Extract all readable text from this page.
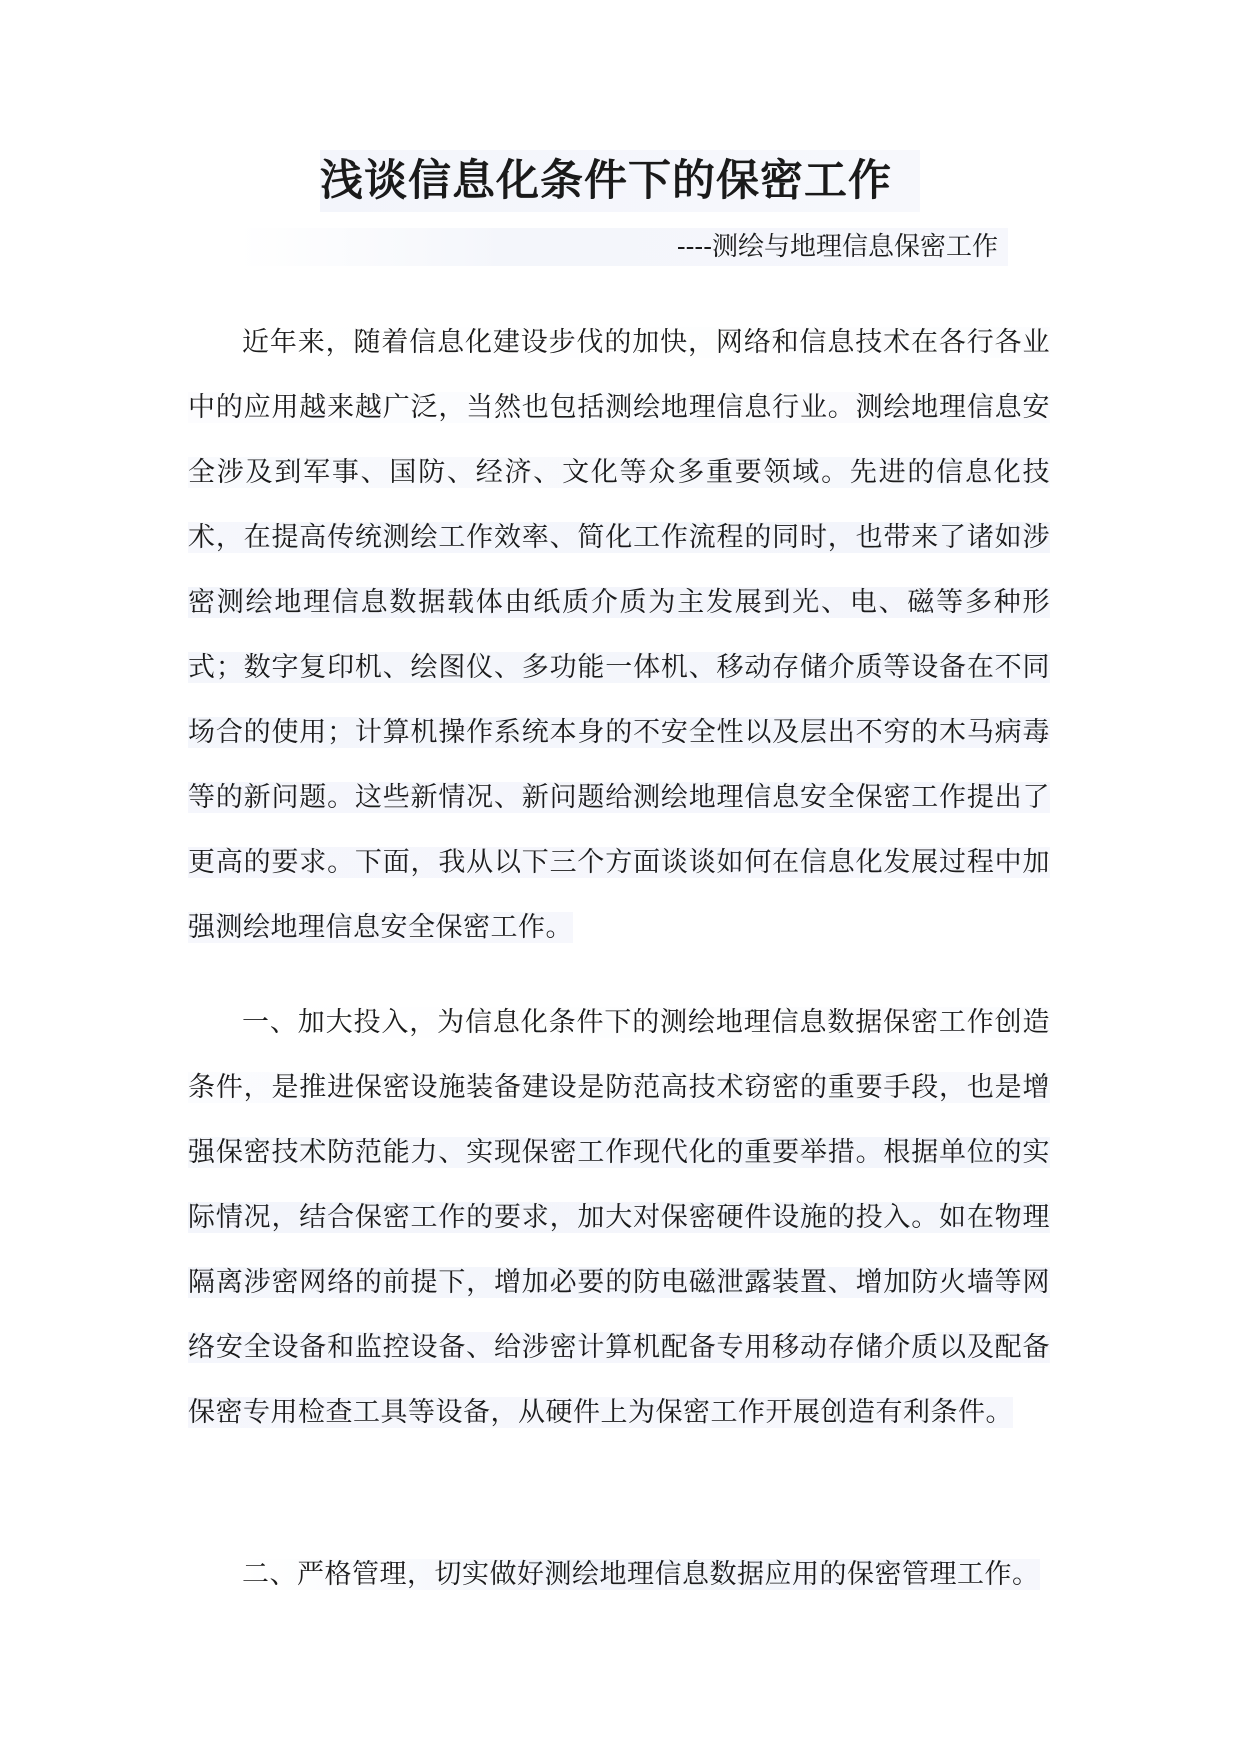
浅谈信息化条件下的保密工作

----测绘与地理信息保密工作

近年来，随着信息化建设步伐的加快，网络和信息技术在各行各业中的应用越来越广泛，当然也包括测绘地理信息行业。测绘地理信息安全涉及到军事、国防、经济、文化等众多重要领域。先进的信息化技术，在提高传统测绘工作效率、简化工作流程的同时，也带来了诸如涉密测绘地理信息数据载体由纸质介质为主发展到光、电、磁等多种形式；数字复印机、绘图仪、多功能一体机、移动存储介质等设备在不同场合的使用；计算机操作系统本身的不安全性以及层出不穷的木马病毒等的新问题。这些新情况、新问题给测绘地理信息安全保密工作提出了更高的要求。下面，我从以下三个方面谈谈如何在信息化发展过程中加强测绘地理信息安全保密工作。

一、加大投入，为信息化条件下的测绘地理信息数据保密工作创造条件，是推进保密设施装备建设是防范高技术窃密的重要手段，也是增强保密技术防范能力、实现保密工作现代化的重要举措。根据单位的实际情况，结合保密工作的要求，加大对保密硬件设施的投入。如在物理隔离涉密网络的前提下，增加必要的防电磁泄露装置、增加防火墙等网络安全设备和监控设备、给涉密计算机配备专用移动存储介质以及配备保密专用检查工具等设备，从硬件上为保密工作开展创造有利条件。

二、严格管理，切实做好测绘地理信息数据应用的保密管理工作。
